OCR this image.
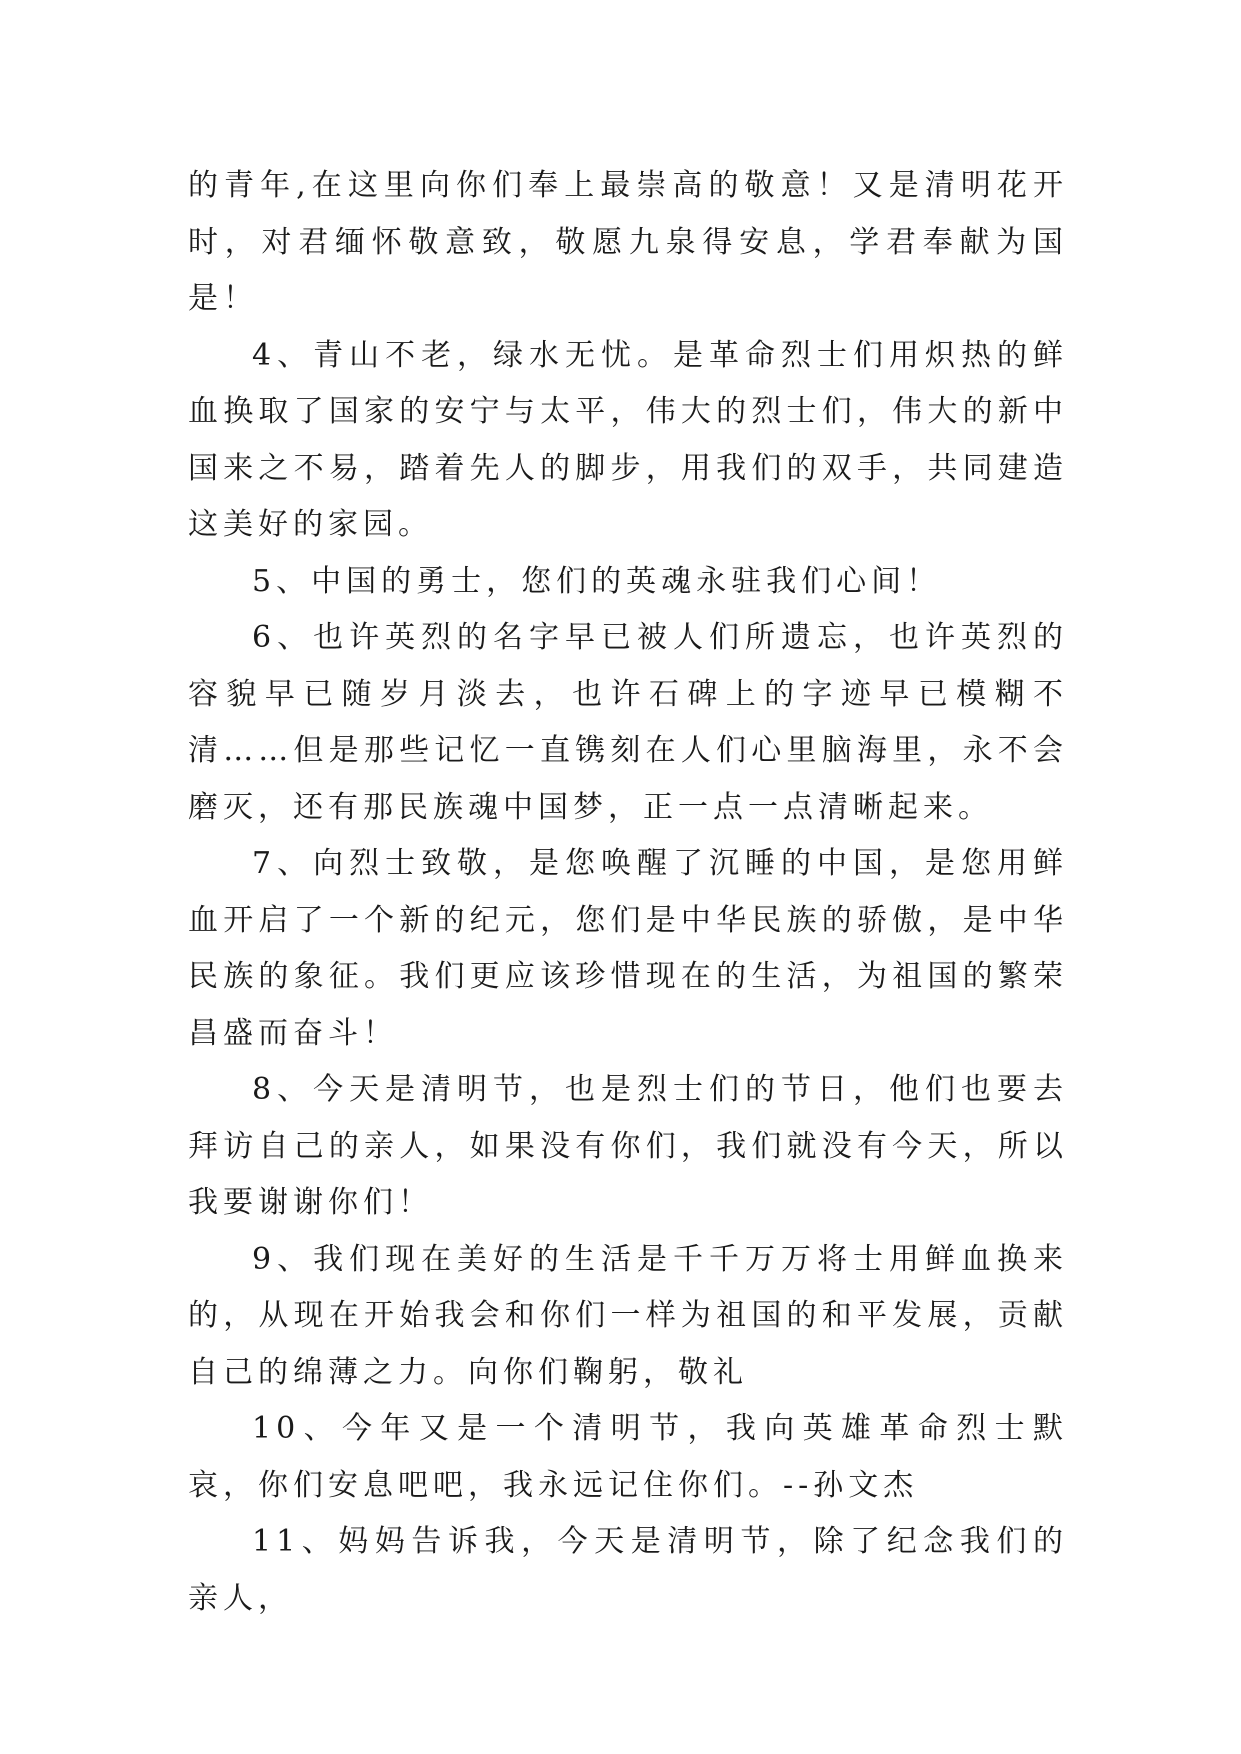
的青年,在这里向你们奉上最崇高的敬意！又是清明花开时，对君缅怀敬意致，敬愿九泉得安息，学君奉献为国是！

4、青山不老，绿水无忧。是革命烈士们用炽热的鲜血换取了国家的安宁与太平，伟大的烈士们，伟大的新中国来之不易，踏着先人的脚步，用我们的双手，共同建造这美好的家园。

5、中国的勇士，您们的英魂永驻我们心间！

6、也许英烈的名字早已被人们所遗忘，也许英烈的容貌早已随岁月淡去，也许石碑上的字迹早已模糊不清……但是那些记忆一直镌刻在人们心里脑海里，永不会磨灭，还有那民族魂中国梦，正一点一点清晰起来。

7、向烈士致敬，是您唤醒了沉睡的中国，是您用鲜血开启了一个新的纪元，您们是中华民族的骄傲，是中华民族的象征。我们更应该珍惜现在的生活，为祖国的繁荣昌盛而奋斗！

8、今天是清明节，也是烈士们的节日，他们也要去拜访自己的亲人，如果没有你们，我们就没有今天，所以我要谢谢你们！

9、我们现在美好的生活是千千万万将士用鲜血换来的，从现在开始我会和你们一样为祖国的和平发展，贡献自己的绵薄之力。向你们鞠躬，敬礼

10、今年又是一个清明节，我向英雄革命烈士默哀，你们安息吧吧，我永远记住你们。--孙文杰

11、妈妈告诉我，今天是清明节，除了纪念我们的亲人，
